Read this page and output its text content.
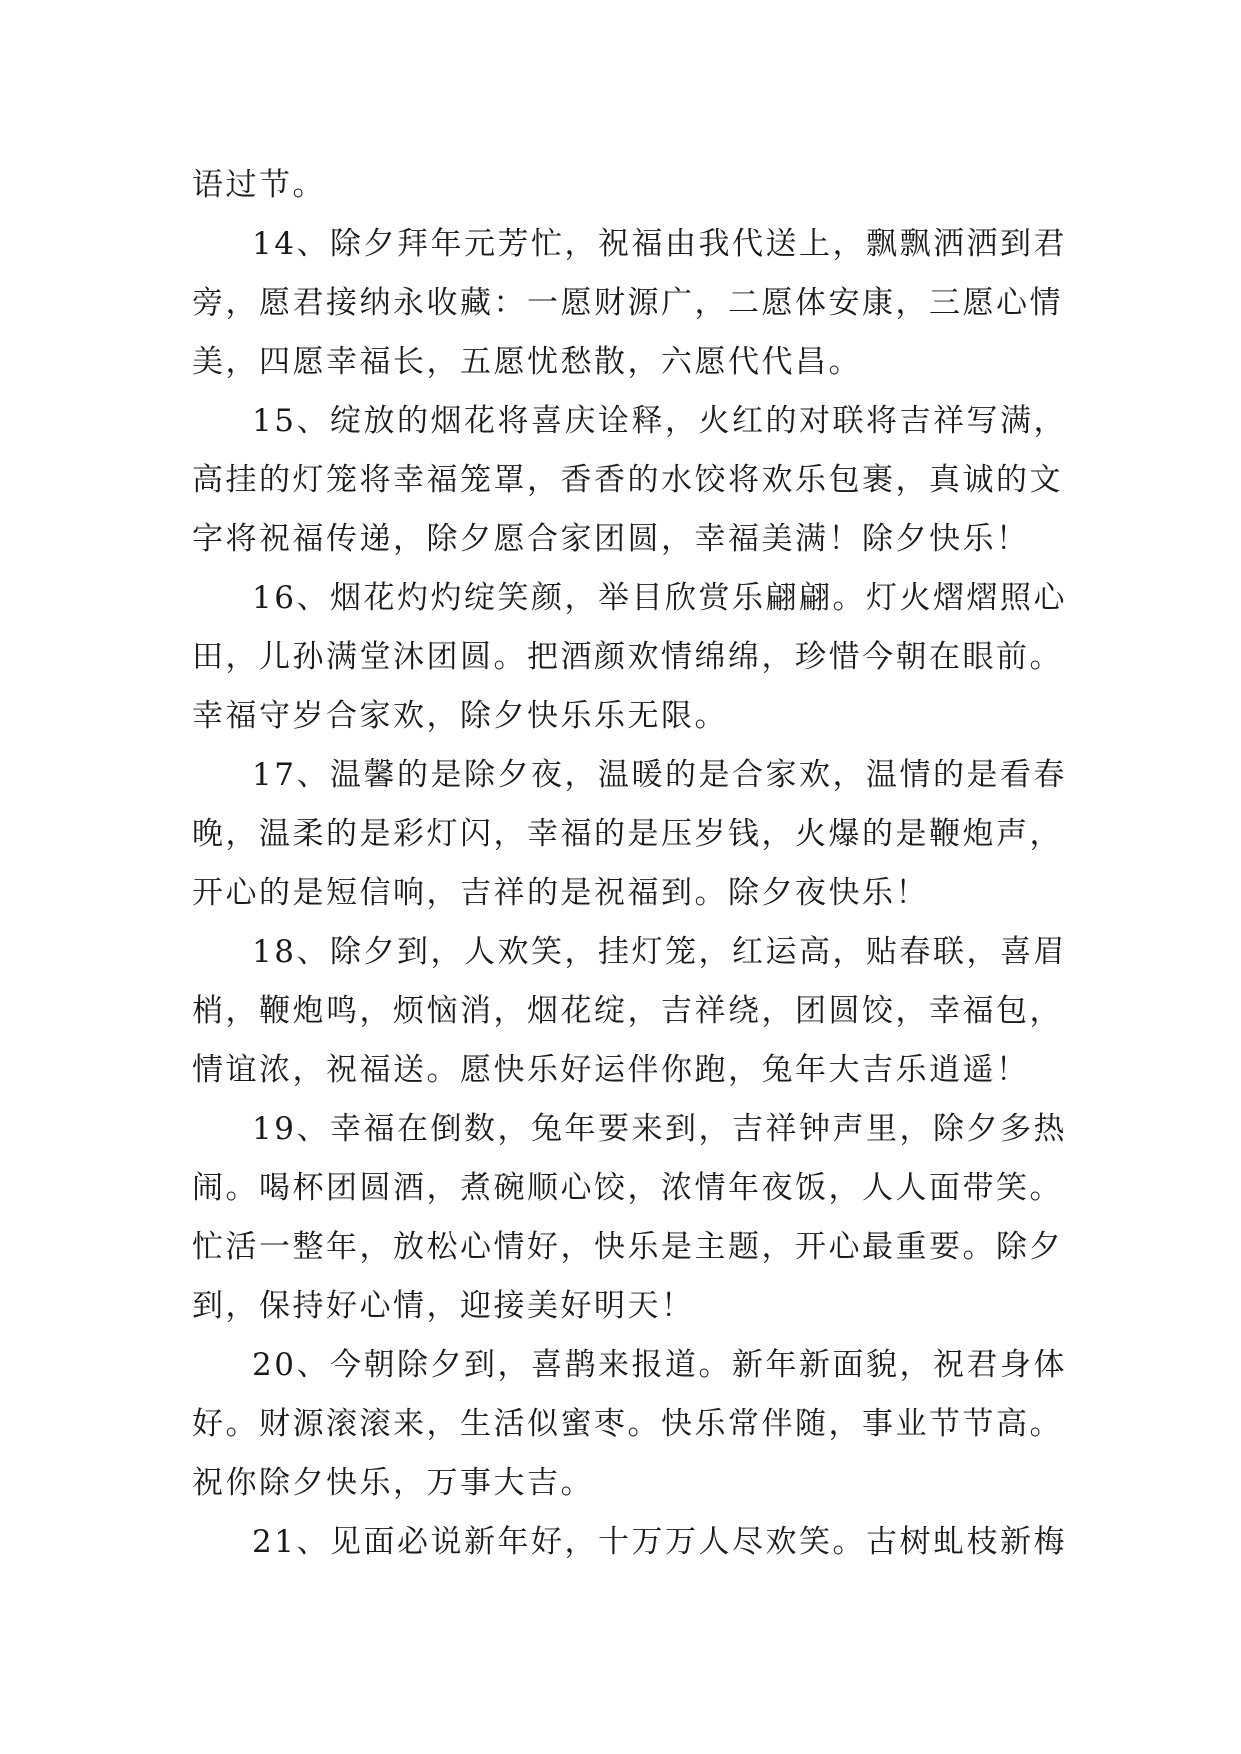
语过节。
14、除夕拜年元芳忙，祝福由我代送上，飘飘洒洒到君
旁，愿君接纳永收藏：一愿财源广，二愿体安康，三愿心情
美，四愿幸福长，五愿忧愁散，六愿代代昌。
15、绽放的烟花将喜庆诠释，火红的对联将吉祥写满，
高挂的灯笼将幸福笼罩，香香的水饺将欢乐包裹，真诚的文
字将祝福传递，除夕愿合家团圆，幸福美满！除夕快乐！
16、烟花灼灼绽笑颜，举目欣赏乐翩翩。灯火熠熠照心
田，儿孙满堂沐团圆。把酒颜欢情绵绵，珍惜今朝在眼前。
幸福守岁合家欢，除夕快乐乐无限。
17、温馨的是除夕夜，温暖的是合家欢，温情的是看春
晚，温柔的是彩灯闪，幸福的是压岁钱，火爆的是鞭炮声，
开心的是短信响，吉祥的是祝福到。除夕夜快乐！
18、除夕到，人欢笑，挂灯笼，红运高，贴春联，喜眉
梢，鞭炮鸣，烦恼消，烟花绽，吉祥绕，团圆饺，幸福包，
情谊浓，祝福送。愿快乐好运伴你跑，兔年大吉乐逍遥！
19、幸福在倒数，兔年要来到，吉祥钟声里，除夕多热
闹。喝杯团圆酒，煮碗顺心饺，浓情年夜饭，人人面带笑。
忙活一整年，放松心情好，快乐是主题，开心最重要。除夕
到，保持好心情，迎接美好明天！
20、今朝除夕到，喜鹊来报道。新年新面貌，祝君身体
好。财源滚滚来，生活似蜜枣。快乐常伴随，事业节节高。
祝你除夕快乐，万事大吉。
21、见面必说新年好，十万万人尽欢笑。古树虬枝新梅
